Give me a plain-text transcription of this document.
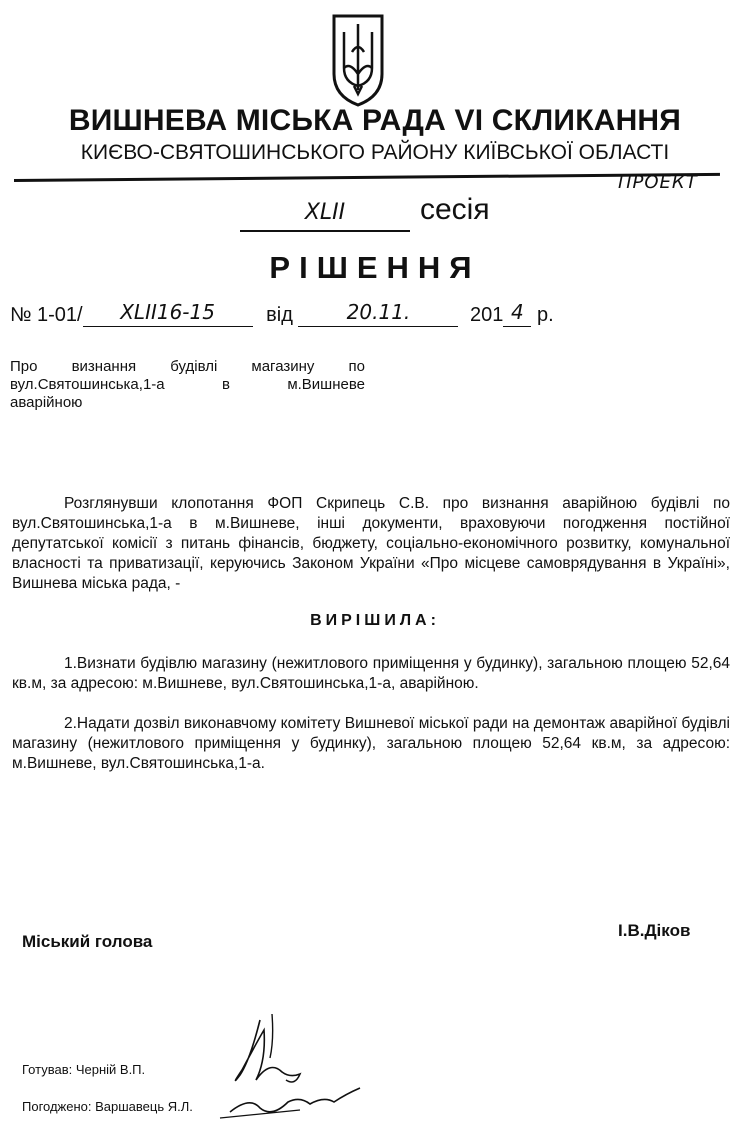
ВИШНЕВА МІСЬКА РАДА VI СКЛИКАННЯ
КИЄВО-СВЯТОШИНСЬКОГО РАЙОНУ КИЇВСЬКОЇ ОБЛАСТІ
ПРОЕКТ
XLII	сесія
РІШЕННЯ
№ 1-01/ XLII16-15	від	20.11.	201 4 р.
Про визнання будівлі магазину по
вул.Святошинська,1-а	в	м.Вишневе
аварійною
Розглянувши клопотання ФОП Скрипець С.В. про визнання аварійною будівлі по вул.Святошинська,1-а в м.Вишневе, інші документи, враховуючи погодження постійної депутатської комісії з питань фінансів, бюджету, соціально-економічного розвитку, комунальної власності та приватизації, керуючись Законом України «Про місцеве самоврядування в Україні», Вишнева міська рада, -
ВИРІШИЛА:
1.Визнати будівлю магазину (нежитлового приміщення у будинку), загальною площею 52,64 кв.м, за адресою: м.Вишневе, вул.Святошинська,1-а, аварійною.
2.Надати дозвіл виконавчому комітету Вишневої міської ради на демонтаж аварійної будівлі магазину (нежитлового приміщення у будинку), загальною площею 52,64 кв.м, за адресою: м.Вишневе, вул.Святошинська,1-а.
Міський голова
І.В.Діков
Готував: Черній В.П.
Погоджено: Варшавець Я.Л.
